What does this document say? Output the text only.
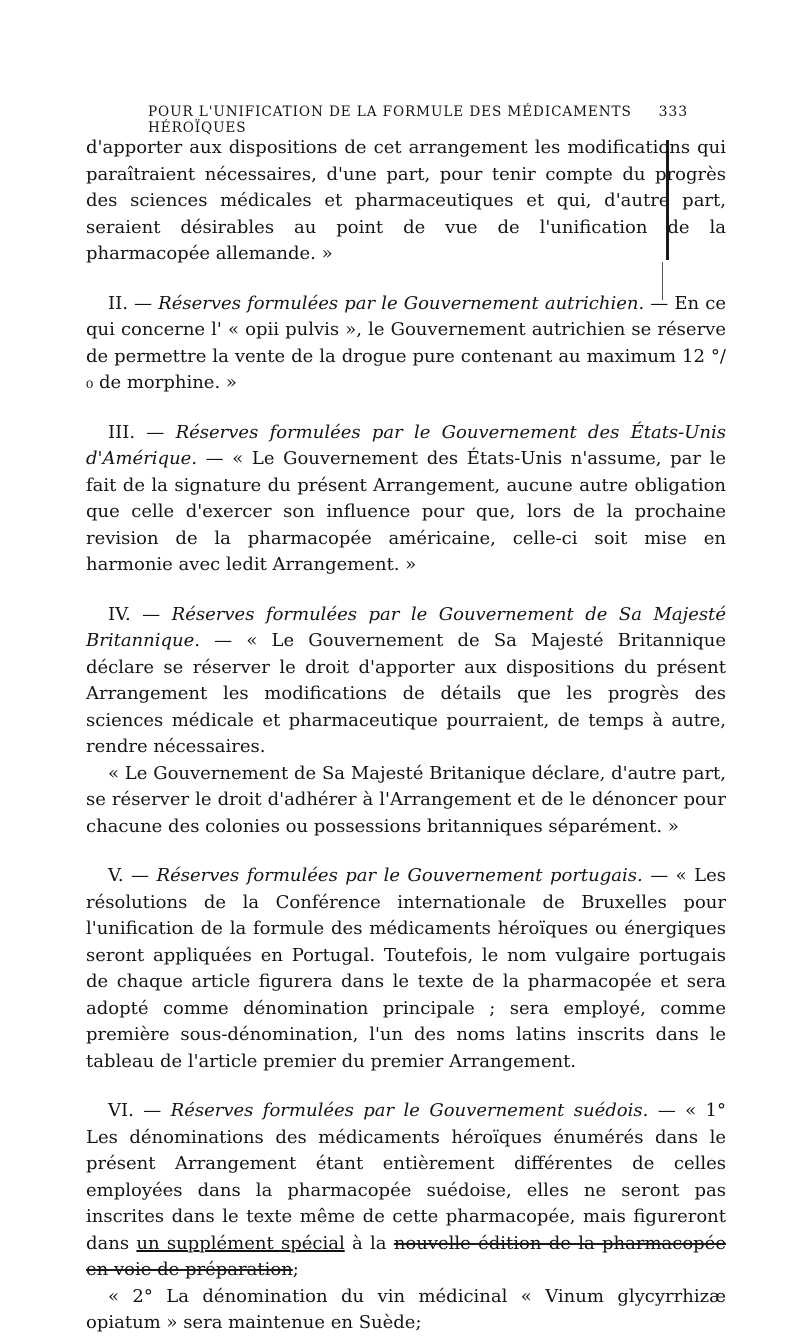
POUR L'UNIFICATION DE LA FORMULE DES MÉDICAMENTS HÉROÏQUES
333

d'apporter aux dispositions de cet arrangement les modifications qui paraîtraient nécessaires, d'une part, pour tenir compte du progrès des sciences médicales et pharmaceutiques et qui, d'autre part, seraient désirables au point de vue de l'unification de la pharmacopée allemande. »

II. — Réserves formulées par le Gouvernement autrichien. — En ce qui concerne l' « opii pulvis », le Gouvernement autrichien se réserve de permettre la vente de la drogue pure contenant au maximum 12 °/₀ de morphine. »

III. — Réserves formulées par le Gouvernement des États-Unis d'Amérique. — « Le Gouvernement des États-Unis n'assume, par le fait de la signature du présent Arrangement, aucune autre obligation que celle d'exercer son influence pour que, lors de la prochaine revision de la pharmacopée américaine, celle-ci soit mise en harmonie avec ledit Arrangement. »

IV. — Réserves formulées par le Gouvernement de Sa Majesté Britannique. — « Le Gouvernement de Sa Majesté Britannique déclare se réserver le droit d'apporter aux dispositions du présent Arrangement les modifications de détails que les progrès des sciences médicale et pharmaceutique pourraient, de temps à autre, rendre nécessaires.

« Le Gouvernement de Sa Majesté Britanique déclare, d'autre part, se réserver le droit d'adhérer à l'Arrangement et de le dénoncer pour chacune des colonies ou possessions britanniques séparément. »

V. — Réserves formulées par le Gouvernement portugais. — « Les résolutions de la Conférence internationale de Bruxelles pour l'unification de la formule des médicaments héroïques ou énergiques seront appliquées en Portugal. Toutefois, le nom vulgaire portugais de chaque article figurera dans le texte de la pharmacopée et sera adopté comme dénomination principale ; sera employé, comme première sous-dénomination, l'un des noms latins inscrits dans le tableau de l'article premier du premier Arrangement.

VI. — Réserves formulées par le Gouvernement suédois. — « 1° Les dénominations des médicaments héroïques énumérés dans le présent Arrangement étant entièrement différentes de celles employées dans la pharmacopée suédoise, elles ne seront pas inscrites dans le texte même de cette pharmacopée, mais figureront dans un supplément spécial à la nouvelle édition de la pharmacopée en voie de préparation;

« 2° La dénomination du vin médicinal « Vinum glycyrrhizæ opiatum » sera maintenue en Suède;
